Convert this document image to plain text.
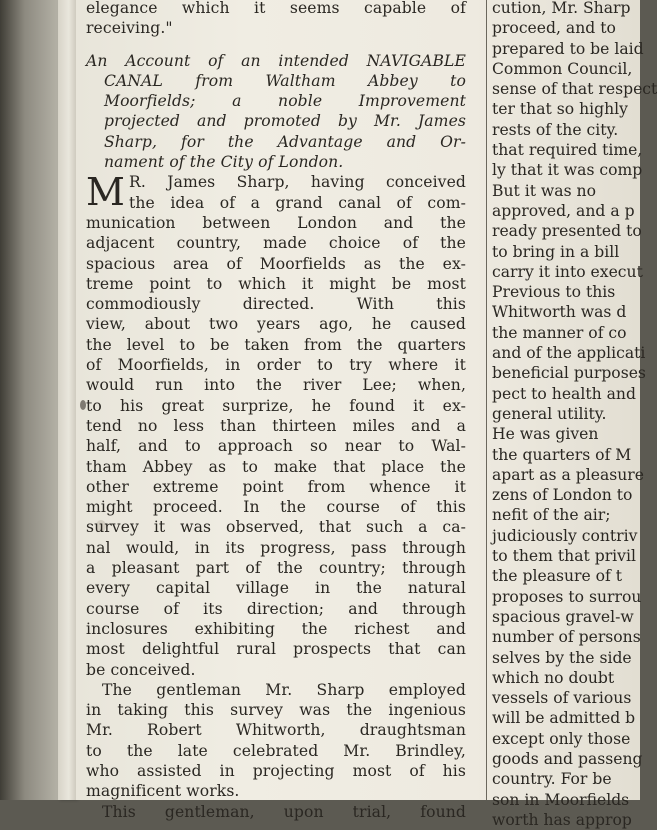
elegance which it seems capable of
receiving."
An Account of an intended NAVIGABLE
CANAL from Waltham Abbey to
Moorfields; a noble Improvement
projected and promoted by Mr. James
Sharp, for the Advantage and Or-
nament of the City of London.
M R. James Sharp, having conceived
the idea of a grand canal of com-
munication between London and the
adjacent country, made choice of the
spacious area of Moorfields as the ex-
treme point to which it might be most
commodiously directed. With this
view, about two years ago, he caused
the level to be taken from the quarters
of Moorfields, in order to try where it
would run into the river Lee; when,
to his great surprize, he found it ex-
tend no less than thirteen miles and a
half, and to approach so near to Wal-
tham Abbey as to make that place the
other extreme point from whence it
might proceed. In the course of this
survey it was observed, that such a ca-
nal would, in its progress, pass through
a pleasant part of the country; through
every capital village in the natural
course of its direction; and through
inclosures exhibiting the richest and
most delightful rural prospects that can
be conceived.
The gentleman Mr. Sharp employed
in taking this survey was the ingenious
Mr. Robert Whitworth, draughtsman
to the late celebrated Mr. Brindley,
who assisted in projecting most of his
magnificent works.
This gentleman, upon trial, found
cution, Mr. Sharp
proceed, and to
prepared to be laid
Common Council,
sense of that respect
ter that so highly
rests of the city.
that required time,
ly that it was comp
But it was no
approved, and a p
ready presented to
to bring in a bill
carry it into execut
Previous to this
Whitworth was d
the manner of co
and of the applicati
beneficial purposes
pect to health and
general utility.
He was given
the quarters of M
apart as a pleasure
zens of London to
nefit of the air;
judiciously contriv
to them that privil
the pleasure of t
proposes to surrou
spacious gravel-w
number of persons
selves by the side
which no doubt
vessels of various
will be admitted b
except only those
goods and passeng
country. For be
son in Moorfields
worth has approp
